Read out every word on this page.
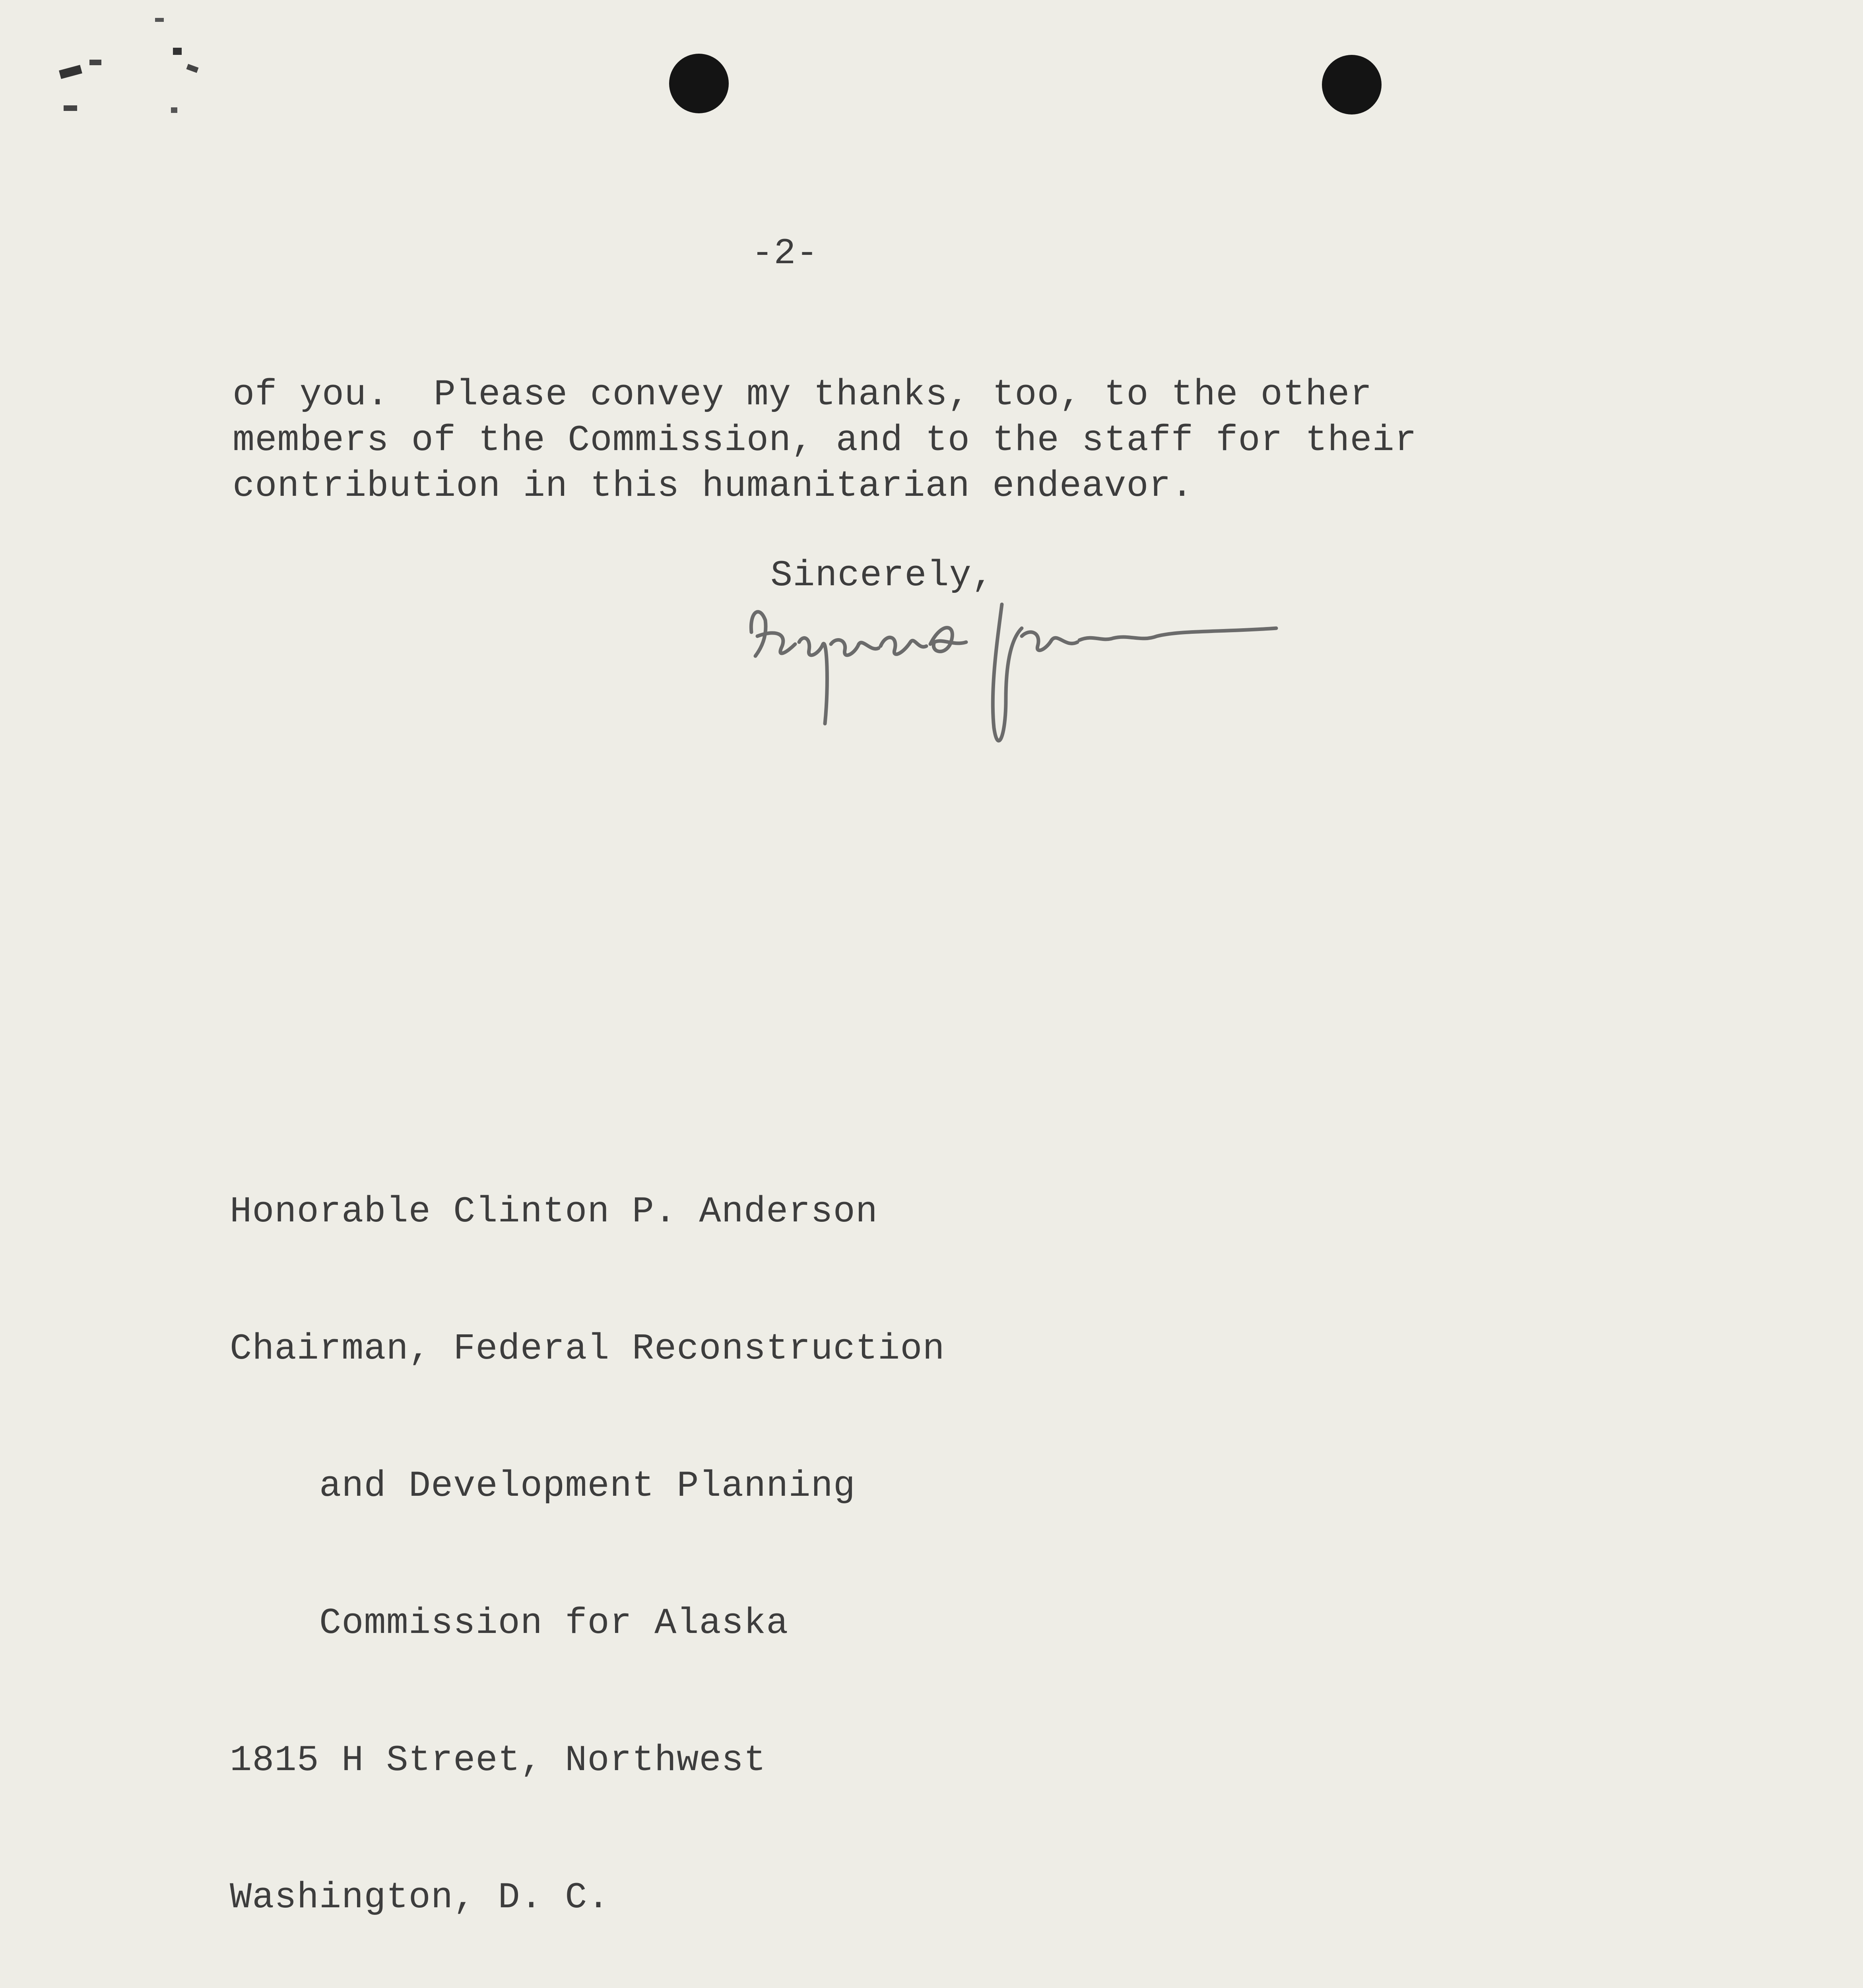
-2-
of you.  Please convey my thanks, too, to the other
members of the Commission, and to the staff for their
contribution in this humanitarian endeavor.
Sincerely,

Honorable Clinton P. Anderson

Chairman, Federal Reconstruction

and Development Planning

Commission for Alaska

1815 H Street, Northwest

Washington, D. C.
